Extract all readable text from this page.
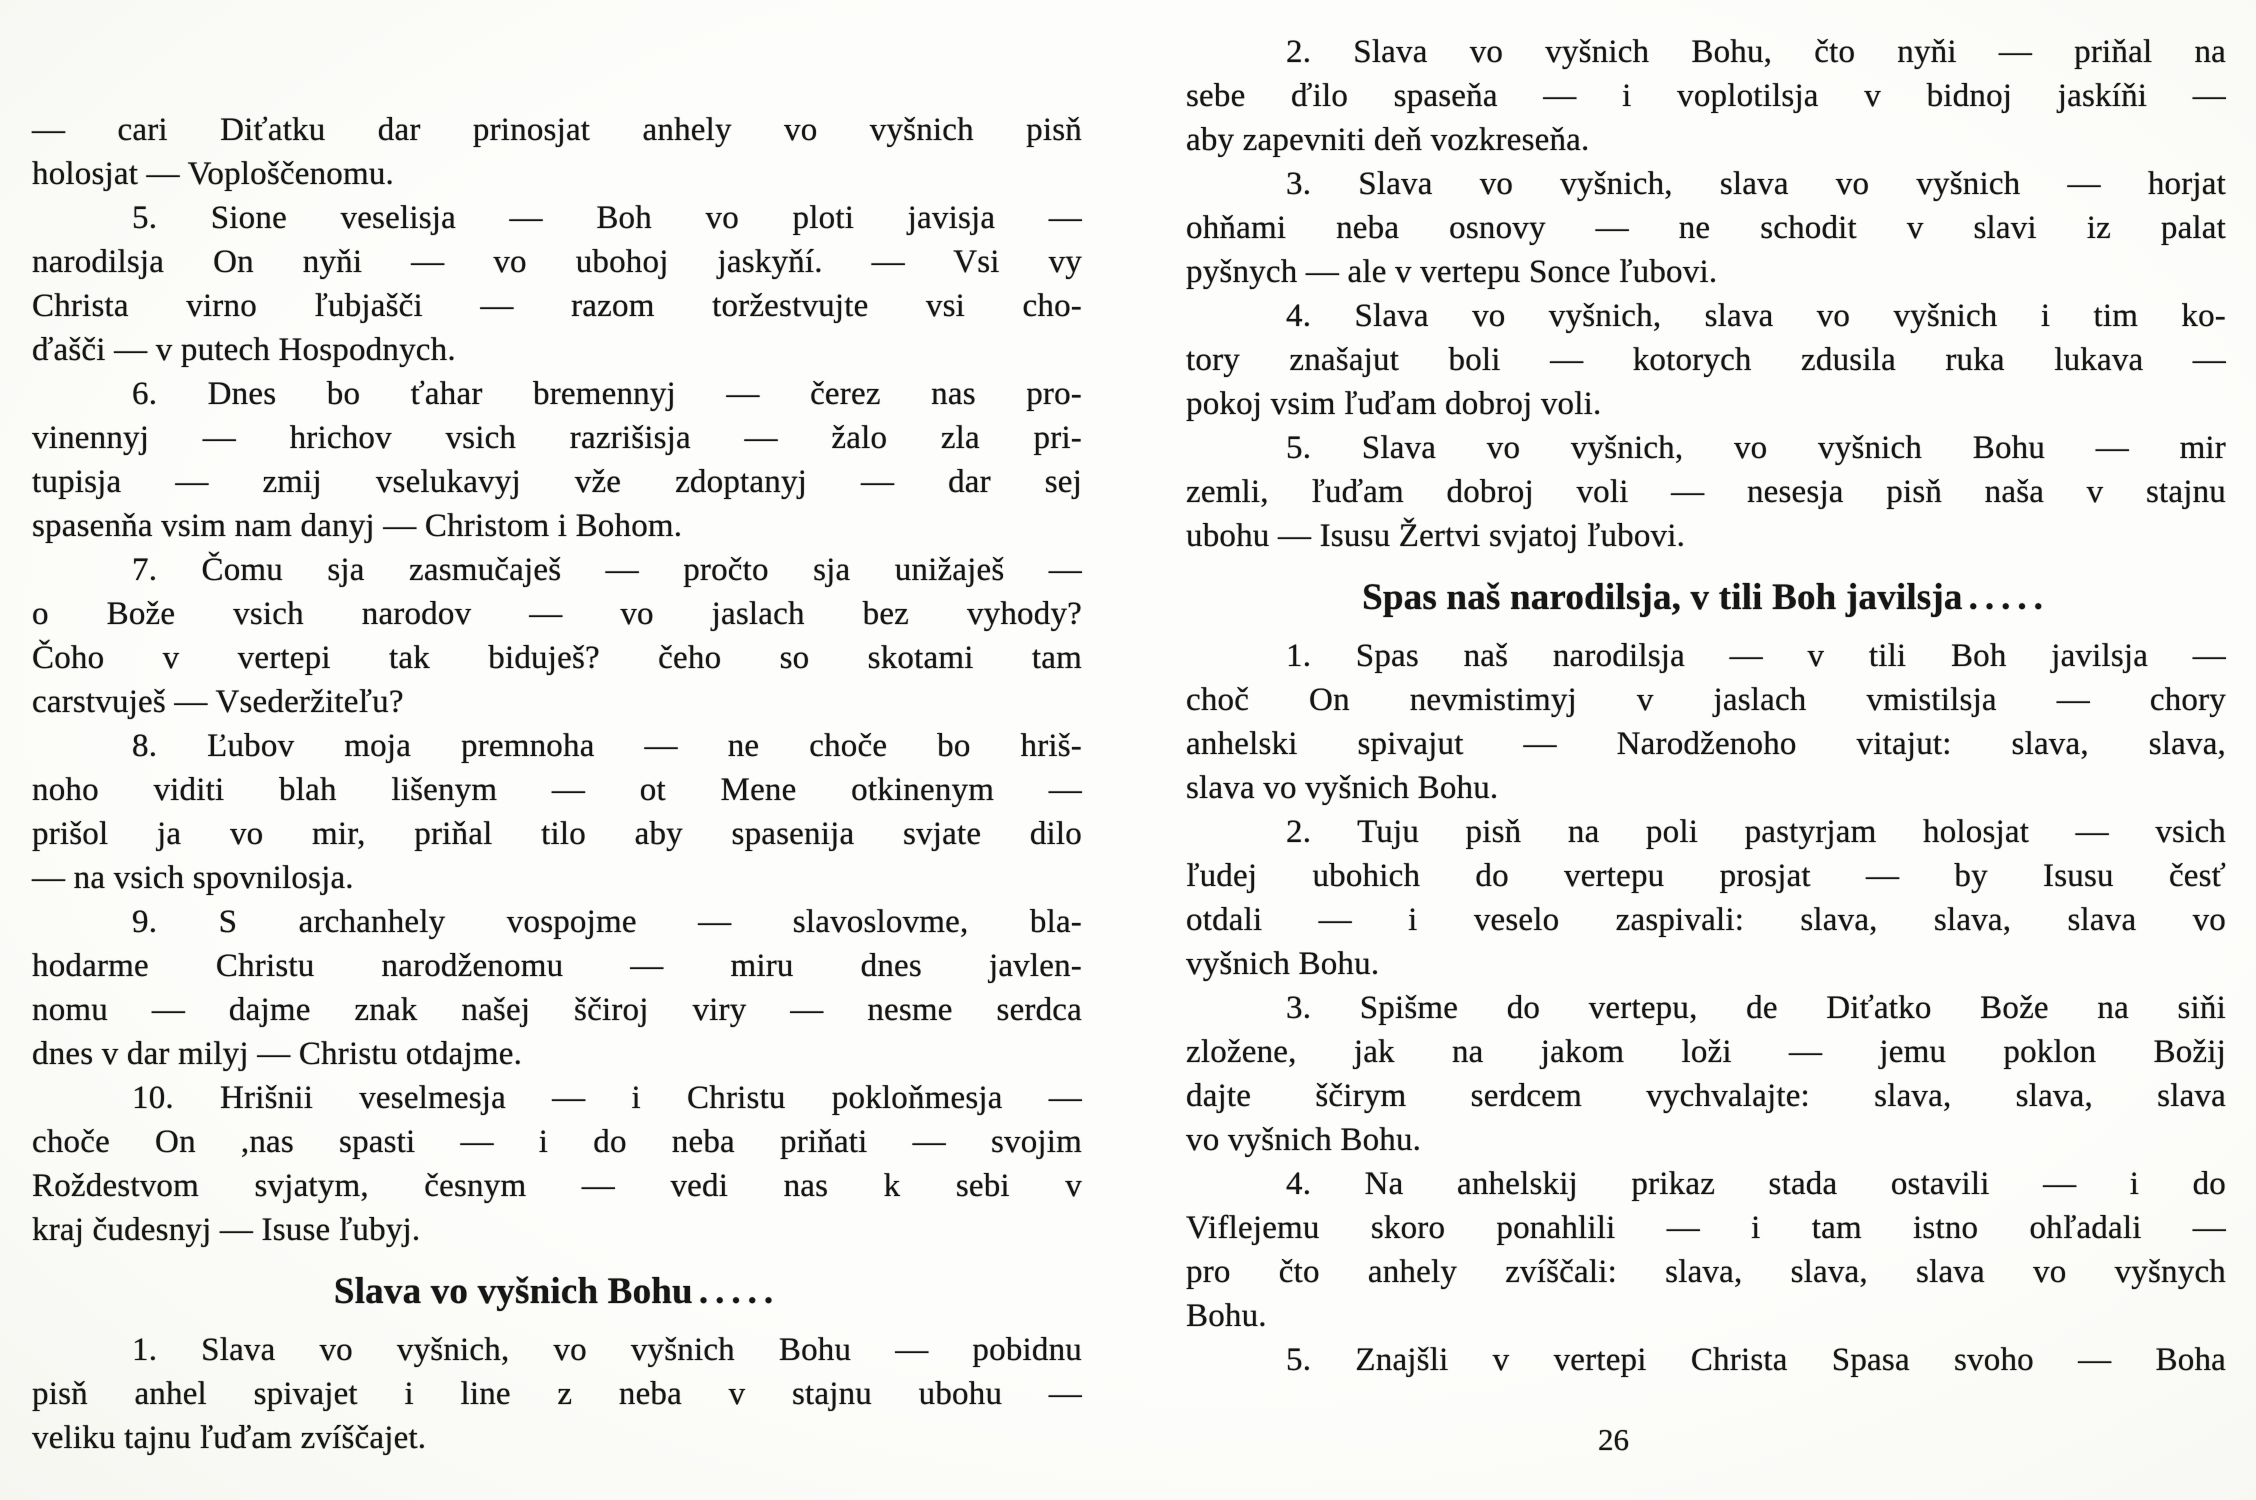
— cari Diťatku dar prinosjat anhely vo vyšnich pisň
holosjat — Voploščenomu.
5. Sione veselisja — Boh vo ploti javisja —
narodilsja On nyňi — vo ubohoj jaskyňí. — Vsi vy
Christa virno ľubjašči — razom toržestvujte vsi cho-
ďašči — v putech Hospodnych.
6. Dnes bo ťahar bremennyj — čerez nas pro-
vinennyj — hrichov vsich razrišisja — žalo zla pri-
tupisja — zmij vselukavyj vže zdoptanyj — dar sej
spasenňa vsim nam danyj — Christom i Bohom.
7. Čomu sja zasmučaješ — pročto sja unižaješ —
o Bože vsich narodov — vo jaslach bez vyhody?
Čoho v vertepi tak biduješ? čeho so skotami tam
carstvuješ — Vsederžiteľu?
8. Ľubov moja premnoha — ne choče bo hriš-
noho viditi blah lišenym — ot Mene otkinenym —
prišol ja vo mir, priňal tilo aby spasenija svjate dilo
— na vsich spovnilosja.
9. S archanhely vospojme — slavoslovme, bla-
hodarme Christu narodženomu — miru dnes javlen-
nomu — dajme znak našej ščiroj viry — nesme serdca
dnes v dar milyj — Christu otdajme.
10. Hrišnii veselmesja — i Christu pokloňmesja —
choče On ,nas spasti — i do neba priňati — svojim
Roždestvom svjatym, česnym — vedi nas k sebi v
kraj čudesnyj — Isuse ľubyj.
Slava vo vyšnich Bohu .....
1. Slava vo vyšnich, vo vyšnich Bohu — pobidnu
pisň anhel spivajet i line z neba v stajnu ubohu —
veliku tajnu ľuďam zvíščajet.
2. Slava vo vyšnich Bohu, čto nyňi — priňal na
sebe ďilo spaseňa — i voplotilsja v bidnoj jaskíňi —
aby zapevniti deň vozkreseňa.
3. Slava vo vyšnich, slava vo vyšnich — horjat
ohňami neba osnovy — ne schodit v slavi iz palat
pyšnych — ale v vertepu Sonce ľubovi.
4. Slava vo vyšnich, slava vo vyšnich i tim ko-
tory znašajut boli — kotorych zdusila ruka lukava —
pokoj vsim ľuďam dobroj voli.
5. Slava vo vyšnich, vo vyšnich Bohu — mir
zemli, ľuďam dobroj voli — nesesja pisň naša v stajnu
ubohu — Isusu Žertvi svjatoj ľubovi.
Spas naš narodilsja, v tili Boh javilsja .....
1. Spas naš narodilsja — v tili Boh javilsja —
choč On nevmistimyj v jaslach vmistilsja — chory
anhelski spivajut — Narodženoho vitajut: slava, slava,
slava vo vyšnich Bohu.
2. Tuju pisň na poli pastyrjam holosjat — vsich
ľudej ubohich do vertepu prosjat — by Isusu česť
otdali — i veselo zaspivali: slava, slava, slava vo
vyšnich Bohu.
3. Spišme do vertepu, de Diťatko Bože na siňi
zložene, jak na jakom loži — jemu poklon Božij
dajte ščirym serdcem vychvalajte: slava, slava, slava
vo vyšnich Bohu.
4. Na anhelskij prikaz stada ostavili — i do
Viflejemu skoro ponahlili — i tam istno ohľadali —
pro čto anhely zvíščali: slava, slava, slava vo vyšnych
Bohu.
5. Znajšli v vertepi Christa Spasa svoho — Boha
26
